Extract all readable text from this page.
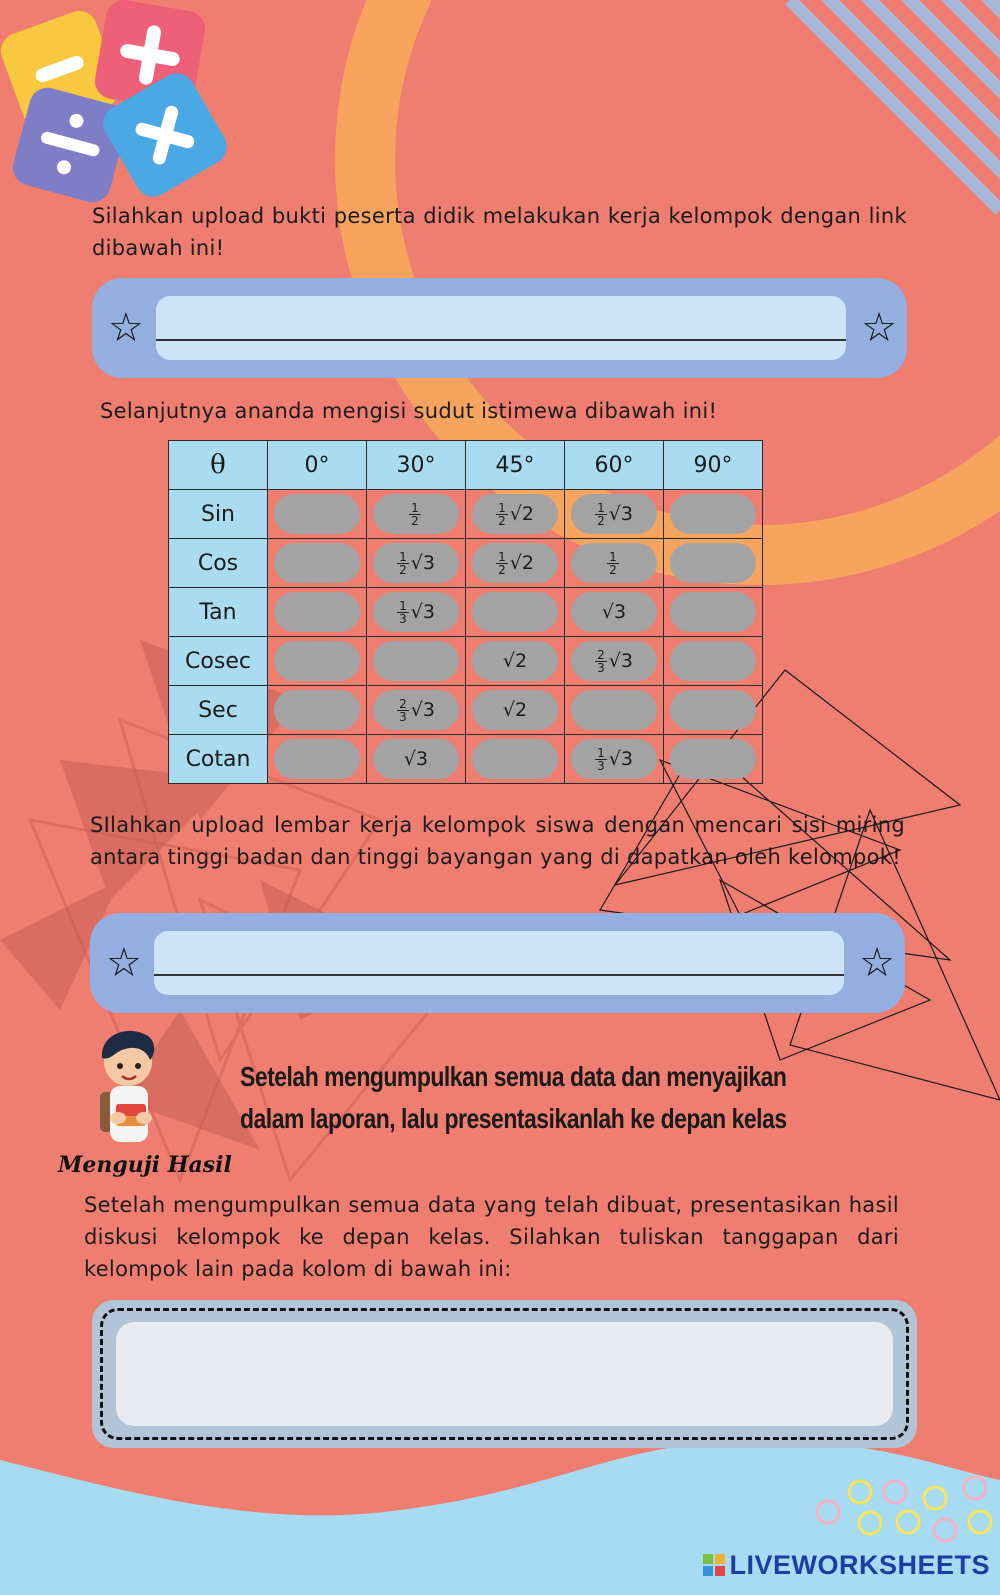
Silahkan upload bukti peserta didik melakukan kerja kelompok dengan link dibawah ini!
☆	☆
Selanjutnya ananda mengisi sudut istimewa dibawah ini!
θ	0°	30°	45°	60°	90°
Sin		$\frac{1}{2}$	$\frac{1}{2} √2$	$\frac{1}{2} √3$	
Cos		$\frac{1}{2} √3$	$\frac{1}{2} √2$	$\frac{1}{2}$

Tan		$\frac{1}{3} √3$		√3	
Cosec			√2	$\frac{2}{3} √3$	
Sec		$\frac{2}{3} √3$	√2		
Cotan		√3		$\frac{1}{3} √3$	
SIlahkan upload lembar kerja kelompok siswa dengan mencari sisi miring antara tinggi badan dan tinggi bayangan yang di dapatkan oleh kelompok!
☆	☆
Menguji Hasil
Setelah mengumpulkan semua data dan menyajikan
dalam laporan, lalu presentasikanlah ke depan kelas
Setelah mengumpulkan semua data yang telah dibuat, presentasikan hasil diskusi kelompok ke depan kelas. Silahkan tuliskan tanggapan dari kelompok lain pada kolom di bawah ini:
LIVEWORKSHEETS
